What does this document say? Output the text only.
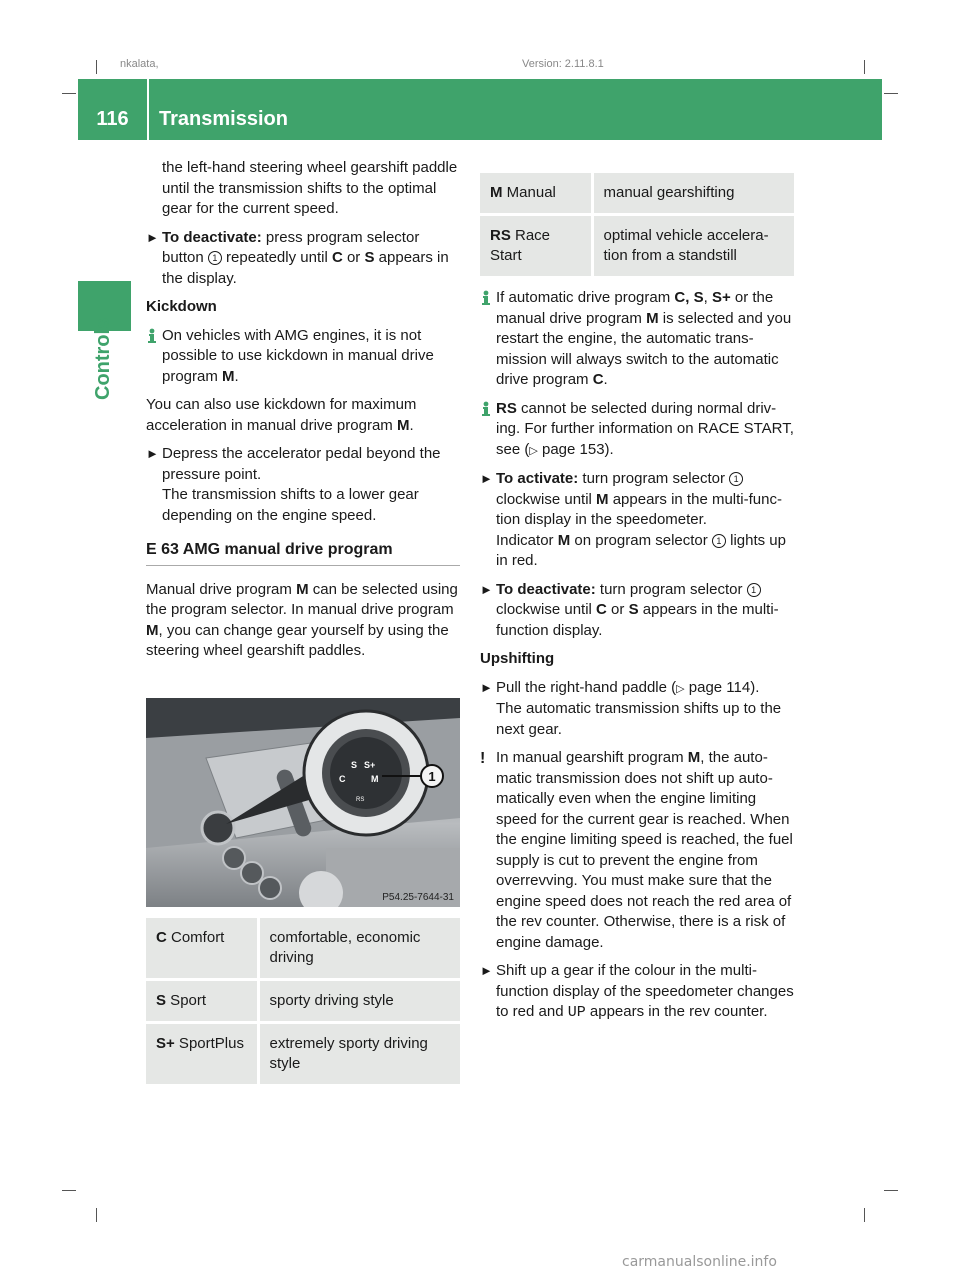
nkalata,	Version: 2.11.8.1
116	Transmission
Controls
the left-hand steering wheel gearshift paddle until the transmission shifts to the optimal gear for the current speed.
► To deactivate: press program selector button 1 repeatedly until C or S appears in the display.
Kickdown
On vehicles with AMG engines, it is not possible to use kickdown in manual drive program M.
You can also use kickdown for maximum acceleration in manual drive program M.
► Depress the accelerator pedal beyond the pressure point.
The transmission shifts to a lower gear depending on the engine speed.
E 63 AMG manual drive program
Manual drive program M can be selected using the program selector. In manual drive program M, you can change gear yourself by using the steering wheel gearshift paddles.
C
S S+
M
RS
1
P54.25-7644-31
C Comfort	comfortable, economic driving
S Sport	sporty driving style
S+ SportPlus	extremely sporty driving style
M Manual	manual gearshifting
RS Race Start	optimal vehicle acceleration from a standstill
If automatic drive program C, S, S+ or the manual drive program M is selected and you restart the engine, the automatic transmission will always switch to the automatic drive program C.
RS cannot be selected during normal driving. For further information on RACE START, see (▷ page 153).
► To activate: turn program selector 1 clockwise until M appears in the multi-function display in the speedometer.
Indicator M on program selector 1 lights up in red.
► To deactivate: turn program selector 1 clockwise until C or S appears in the multi-function display.
Upshifting
► Pull the right-hand paddle (▷ page 114).
The automatic transmission shifts up to the next gear.
! In manual gearshift program M, the automatic transmission does not shift up automatically even when the engine limiting speed for the current gear is reached. When the engine limiting speed is reached, the fuel supply is cut to prevent the engine from overrevving. You must make sure that the engine speed does not reach the red area of the rev counter. Otherwise, there is a risk of engine damage.
► Shift up a gear if the colour in the multifunction display of the speedometer changes to red and UP appears in the rev counter.
carmanualsonline.info
